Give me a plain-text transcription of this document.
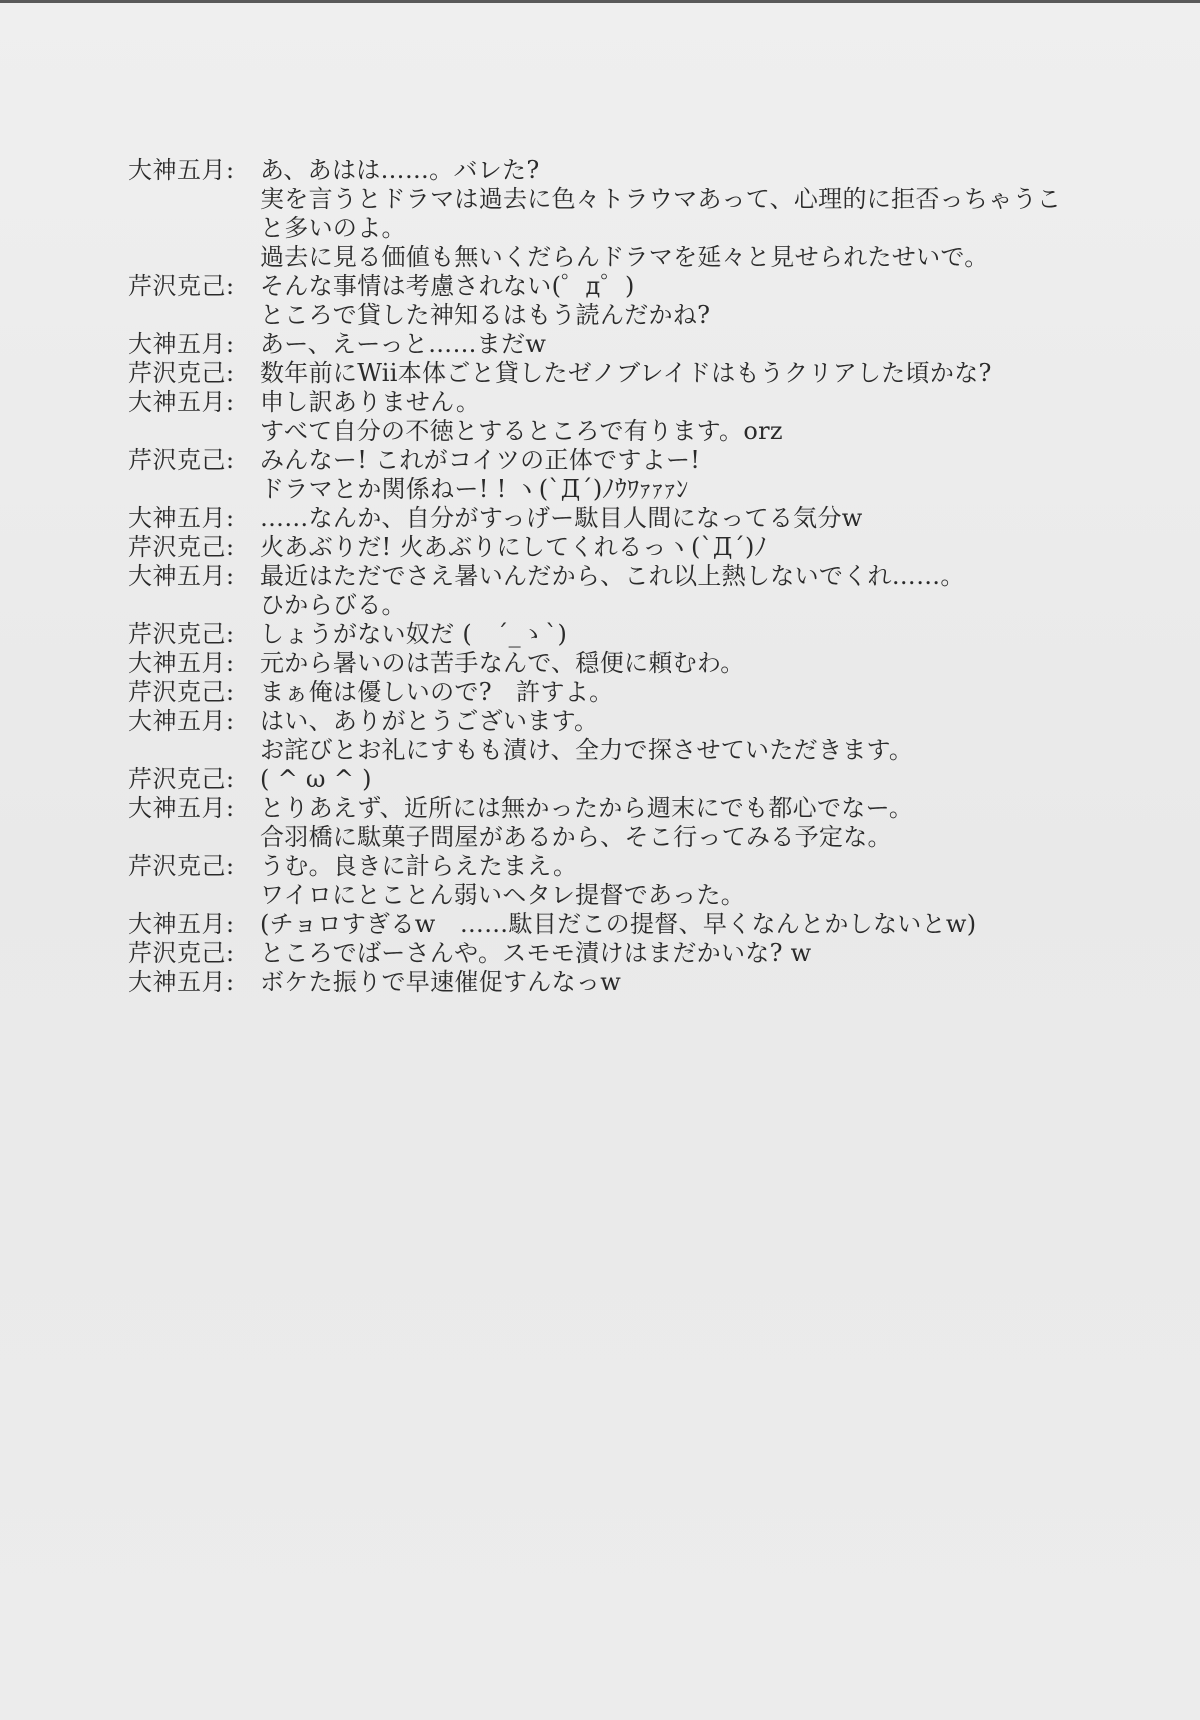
大神五月:	あ、あはは……。バレた?
実を言うとドラマは過去に色々トラウマあって、心理的に拒否っちゃうこ
と多いのよ。
過去に見る価値も無いくだらんドラマを延々と見せられたせいで。
芹沢克己:	そんな事情は考慮されない(゜д゜)
ところで貸した神知るはもう読んだかね?
大神五月:	あー、えーっと……まだw
芹沢克己:	数年前にWii本体ごと貸したゼノブレイドはもうクリアした頃かな?
大神五月:	申し訳ありません。
すべて自分の不徳とするところで有ります。orz
芹沢克己:	みんなー! これがコイツの正体ですよー!
ドラマとか関係ねー! ! ヽ(`Д´)ﾉｳﾜｧｧｧﾝ
大神五月:	……なんか、自分がすっげー駄目人間になってる気分w
芹沢克己:	火あぶりだ! 火あぶりにしてくれるっヽ(`Д´)ﾉ
大神五月:	最近はただでさえ暑いんだから、これ以上熱しないでくれ……。
ひからびる。
芹沢克己:	しょうがない奴だ (　´_ゝ`)
大神五月:	元から暑いのは苦手なんで、穏便に頼むわ。
芹沢克己:	まぁ俺は優しいので?　許すよ。
大神五月:	はい、ありがとうございます。
お詫びとお礼にすもも漬け、全力で探させていただきます。
芹沢克己:	( ^ ω ^ )
大神五月:	とりあえず、近所には無かったから週末にでも都心でなー。
合羽橋に駄菓子問屋があるから、そこ行ってみる予定な。
芹沢克己:	うむ。良きに計らえたまえ。
ワイロにとことん弱いヘタレ提督であった。
大神五月:	(チョロすぎるw　……駄目だこの提督、早くなんとかしないとw)
芹沢克己:	ところでばーさんや。スモモ漬けはまだかいな? w
大神五月:	ボケた振りで早速催促すんなっw
